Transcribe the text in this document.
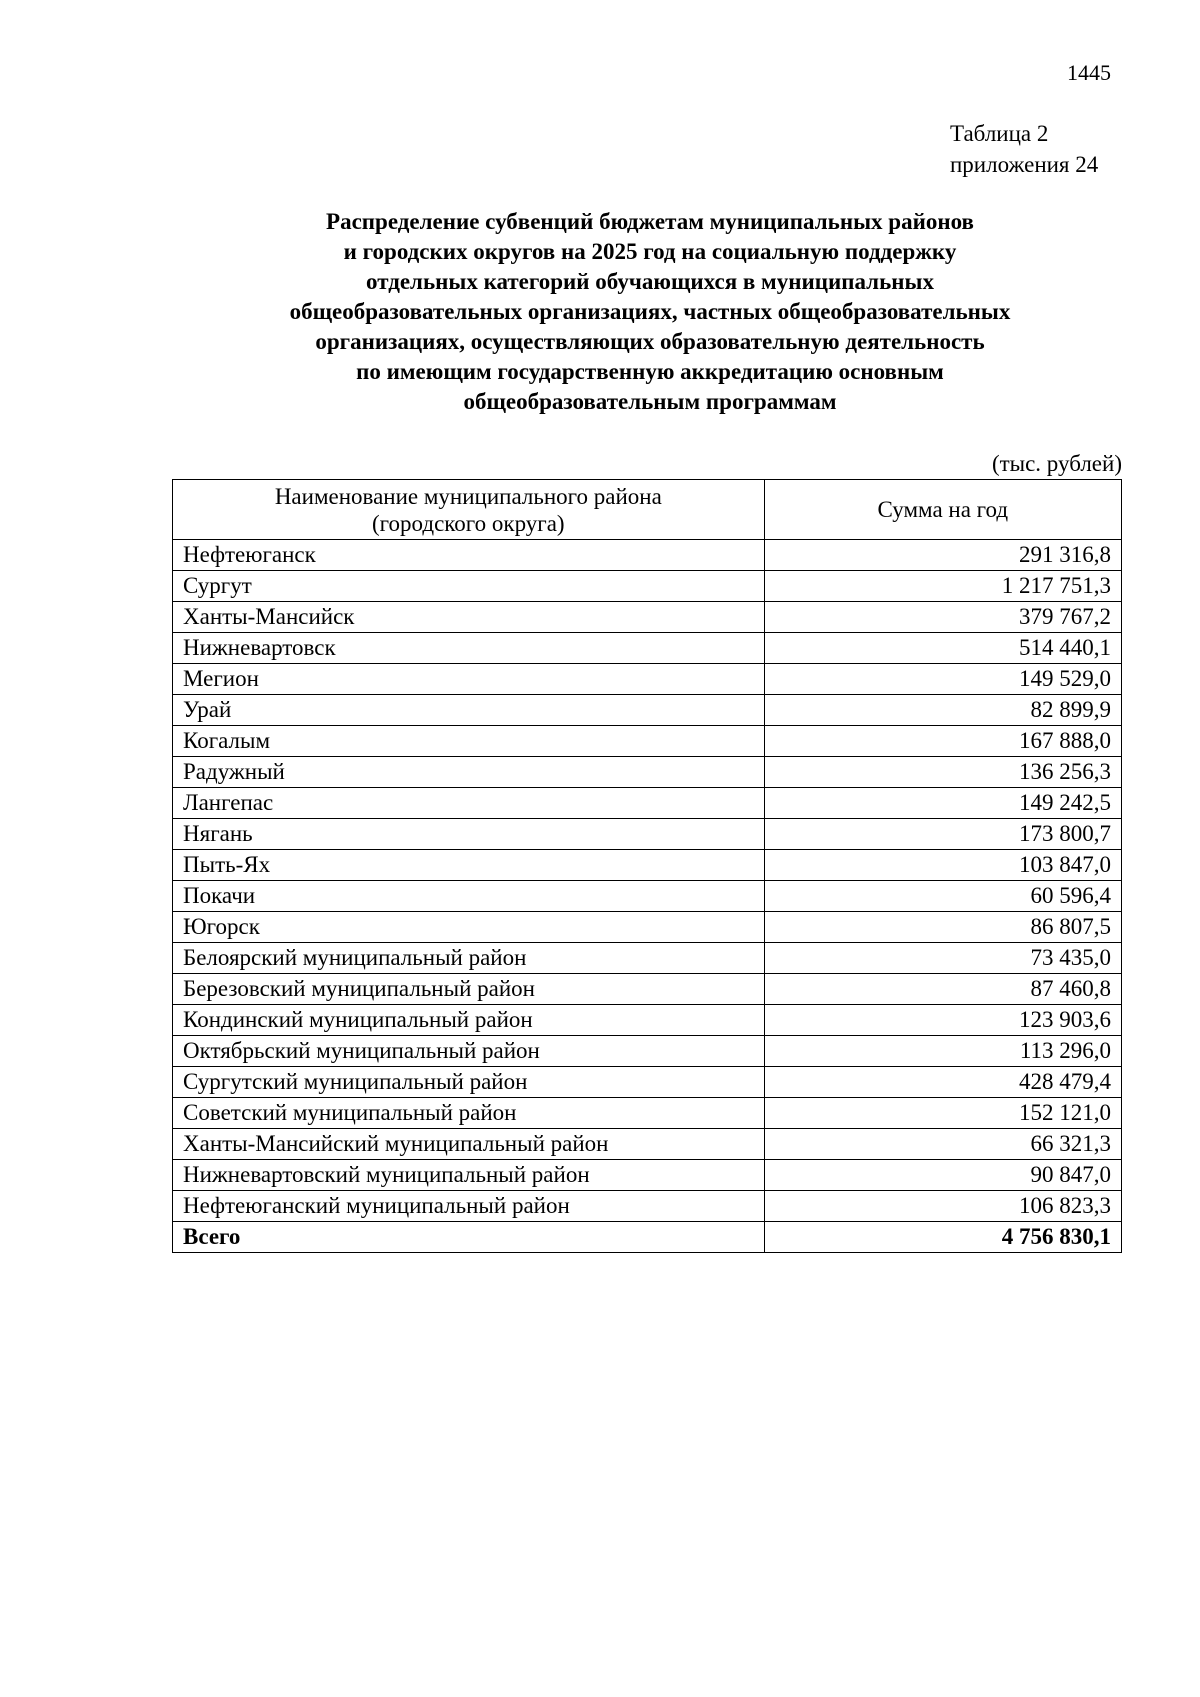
1445
Таблица 2
приложения 24
Распределение субвенций бюджетам муниципальных районов
и городских округов на 2025 год на социальную поддержку
отдельных категорий обучающихся в муниципальных
общеобразовательных организациях, частных общеобразовательных
организациях, осуществляющих образовательную деятельность
по имеющим государственную аккредитацию основным
общеобразовательным программам
(тыс. рублей)
Наименование муниципального района
(городского округа)	Сумма на год
Нефтеюганск	291 316,8
Сургут	1 217 751,3
Ханты-Мансийск	379 767,2
Нижневартовск	514 440,1
Мегион	149 529,0
Урай	82 899,9
Когалым	167 888,0
Радужный	136 256,3
Лангепас	149 242,5
Нягань	173 800,7
Пыть-Ях	103 847,0
Покачи	60 596,4
Югорск	86 807,5
Белоярский муниципальный район	73 435,0
Березовский муниципальный район	87 460,8
Кондинский муниципальный район	123 903,6
Октябрьский муниципальный район	113 296,0
Сургутский муниципальный район	428 479,4
Советский муниципальный район	152 121,0
Ханты-Мансийский муниципальный район	66 321,3
Нижневартовский муниципальный район	90 847,0
Нефтеюганский муниципальный район	106 823,3
Всего	4 756 830,1
